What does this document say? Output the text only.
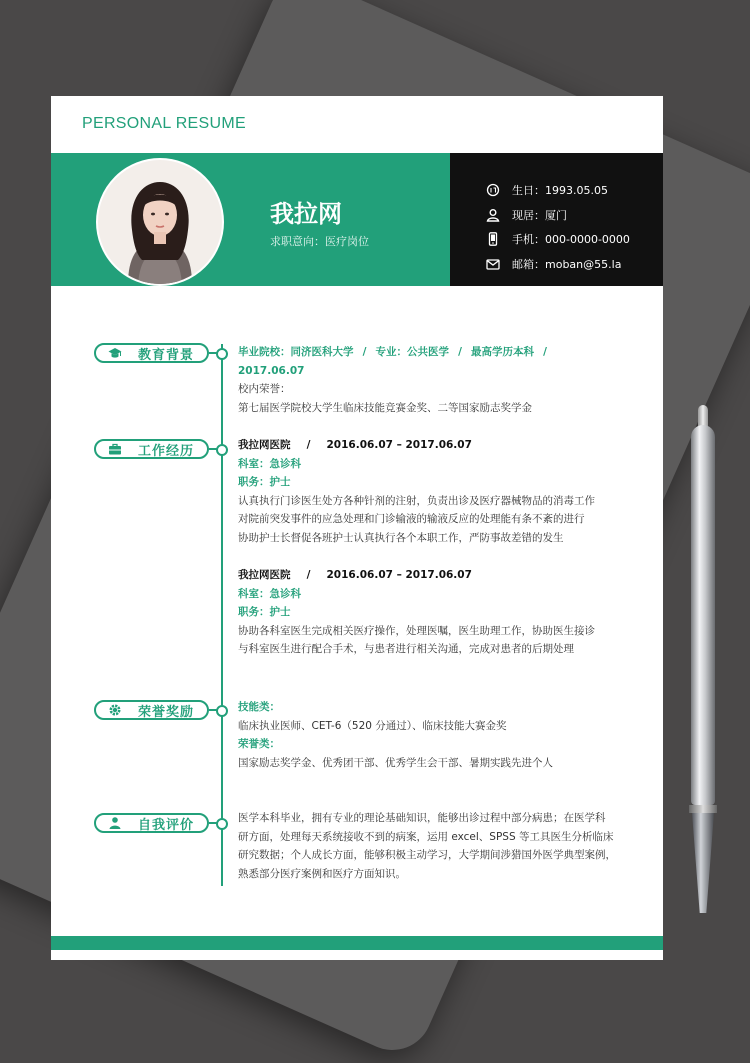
PERSONAL RESUME
我拉网
求职意向：医疗岗位
生日：1993.05.05
现居：厦门
手机：000-0000-0000
邮箱：moban@55.la
教育背景	毕业院校：同济医科大学 / 专业：公共医学 / 最高学历本科 /
2017.06.07
校内荣誉：
第七届医学院校大学生临床技能竞赛金奖、二等国家励志奖学金
工作经历	我拉网医院 / 2016.06.07 – 2017.06.07
科室：急诊科
职务：护士
认真执行门诊医生处方各种针剂的注射，负责出诊及医疗器械物品的消毒工作
对院前突发事件的应急处理和门诊输液的输液反应的处理能有条不紊的进行
协助护士长督促各班护士认真执行各个本职工作，严防事故差错的发生
我拉网医院 / 2016.06.07 – 2017.06.07
科室：急诊科
职务：护士
协助各科室医生完成相关医疗操作，处理医嘱，医生助理工作，协助医生接诊
与科室医生进行配合手术，与患者进行相关沟通，完成对患者的后期处理
荣誉奖励	技能类：
临床执业医师、CET-6（520 分通过）、临床技能大赛金奖
荣誉类：
国家励志奖学金、优秀团干部、优秀学生会干部、暑期实践先进个人
自我评价	医学本科毕业，拥有专业的理论基础知识，能够出诊过程中部分病患；在医学科
研方面，处理每天系统接收不到的病案，运用 excel、SPSS 等工具医生分析临床
研究数据；个人成长方面，能够积极主动学习，大学期间涉猎国外医学典型案例，
熟悉部分医疗案例和医疗方面知识。
